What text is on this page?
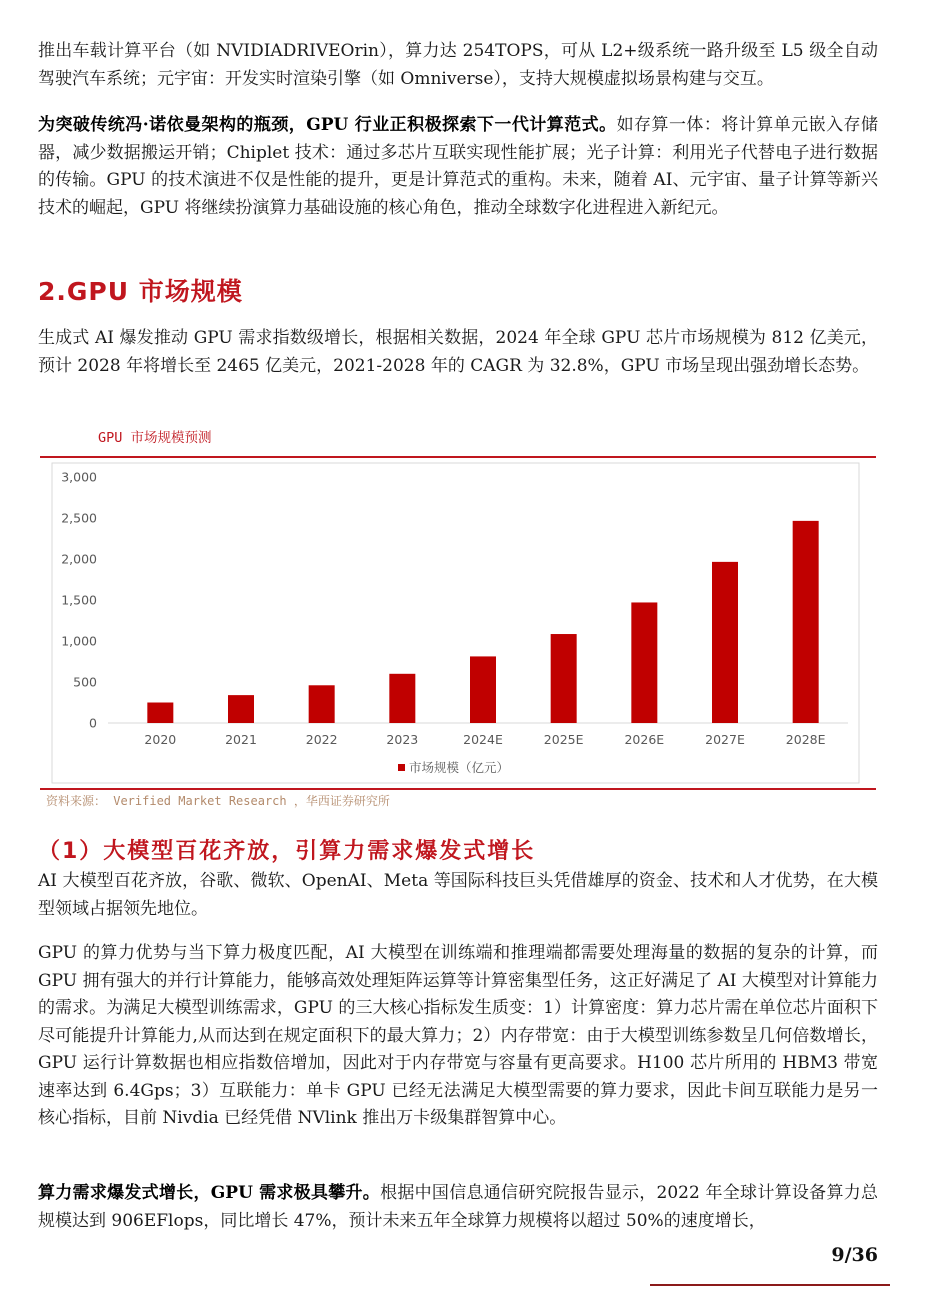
推出车载计算平台（如 NVIDIADRIVEOrin），算力达 254TOPS，可从 L2+级系统一路升级至 L5 级全自动驾驶汽车系统；元宇宙：开发实时渲染引擎（如 Omniverse），支持大规模虚拟场景构建与交互。

为突破传统冯·诺依曼架构的瓶颈，GPU 行业正积极探索下一代计算范式。如存算一体：将计算单元嵌入存储器，减少数据搬运开销；Chiplet 技术：通过多芯片互联实现性能扩展；光子计算：利用光子代替电子进行数据的传输。GPU 的技术演进不仅是性能的提升，更是计算范式的重构。未来，随着 AI、元宇宙、量子计算等新兴技术的崛起，GPU 将继续扮演算力基础设施的核心角色，推动全球数字化进程进入新纪元。

2.GPU 市场规模

生成式 AI 爆发推动 GPU 需求指数级增长，根据相关数据，2024 年全球 GPU 芯片市场规模为 812 亿美元，预计 2028 年将增长至 2465 亿美元，2021-2028 年的 CAGR 为 32.8%，GPU 市场呈现出强劲增长态势。

GPU 市场规模预测
0
500
1,000
1,500
2,000
2,500
3,000
2020	2021	2022	2023	2024E	2025E	2026E	2027E	2028E
市场规模（亿元）
资料来源： Verified Market Research ，华西证券研究所
（1）大模型百花齐放，引算力需求爆发式增长

AI 大模型百花齐放，谷歌、微软、OpenAI、Meta 等国际科技巨头凭借雄厚的资金、技术和人才优势，在大模型领域占据领先地位。

GPU 的算力优势与当下算力极度匹配，AI 大模型在训练端和推理端都需要处理海量的数据的复杂的计算，而 GPU 拥有强大的并行计算能力，能够高效处理矩阵运算等计算密集型任务，这正好满足了 AI 大模型对计算能力的需求。为满足大模型训练需求，GPU 的三大核心指标发生质变：1）计算密度：算力芯片需在单位芯片面积下尽可能提升计算能力,从而达到在规定面积下的最大算力；2）内存带宽：由于大模型训练参数呈几何倍数增长，GPU 运行计算数据也相应指数倍增加，因此对于内存带宽与容量有更高要求。H100 芯片所用的 HBM3 带宽速率达到 6.4Gps；3）互联能力：单卡 GPU 已经无法满足大模型需要的算力要求，因此卡间互联能力是另一核心指标，目前 Nivdia 已经凭借 NVlink 推出万卡级集群智算中心。

算力需求爆发式增长，GPU 需求极具攀升。根据中国信息通信研究院报告显示，2022 年全球计算设备算力总规模达到 906EFlops，同比增长 47%，预计未来五年全球算力规模将以超过 50%的速度增长，

9/36
